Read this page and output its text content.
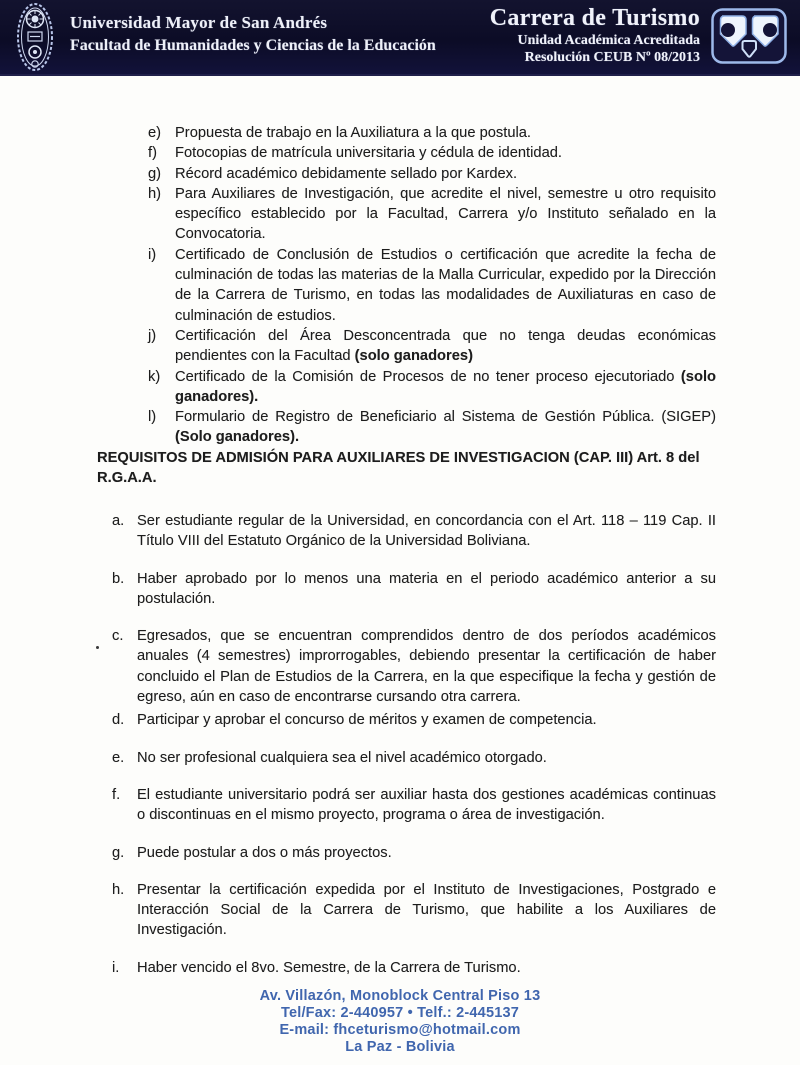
Universidad Mayor de San Andrés
Facultad de Humanidades y Ciencias de la Educación
Carrera de Turismo
Unidad Académica Acreditada
Resolución CEUB Nº 08/2013
e) Propuesta de trabajo en la Auxiliatura a la que postula.
f)	Fotocopias de matrícula universitaria y cédula de identidad.
g) Récord académico debidamente sellado por Kardex.
h) Para Auxiliares de Investigación, que acredite el nivel, semestre u otro requisito específico establecido por la Facultad, Carrera y/o Instituto señalado en la Convocatoria.
i)	Certificado de Conclusión de Estudios o certificación que acredite la fecha de culminación de todas las materias de la Malla Curricular, expedido por la Dirección de la Carrera de Turismo, en todas las modalidades de Auxiliaturas en caso de culminación de estudios.
j)	Certificación del Área Desconcentrada que no tenga deudas económicas pendientes con la Facultad (solo ganadores)
k)	Certificado de la Comisión de Procesos de no tener proceso ejecutoriado (solo ganadores).
l)	Formulario de Registro de Beneficiario al Sistema de Gestión Pública. (SIGEP) (Solo ganadores).
REQUISITOS DE ADMISIÓN PARA AUXILIARES DE INVESTIGACION (CAP. III) Art. 8 del R.G.A.A.
a. Ser estudiante regular de la Universidad, en concordancia con el Art. 118 – 119 Cap. II Título VIII del Estatuto Orgánico de la Universidad Boliviana.
b. Haber aprobado por lo menos una materia en el periodo académico anterior a su postulación.
c. Egresados, que se encuentran comprendidos dentro de dos períodos académicos anuales (4 semestres) improrrogables, debiendo presentar la certificación de haber concluido el Plan de Estudios de la Carrera, en la que especifique la fecha y gestión de egreso, aún en caso de encontrarse cursando otra carrera.
d. Participar y aprobar el concurso de méritos y examen de competencia.
e. No ser profesional cualquiera sea el nivel académico otorgado.
f.	El estudiante universitario podrá ser auxiliar hasta dos gestiones académicas continuas o discontinuas en el mismo proyecto, programa o área de investigación.
g. Puede postular a dos o más proyectos.
h. Presentar la certificación expedida por el Instituto de Investigaciones, Postgrado e Interacción Social de la Carrera de Turismo, que habilite a los Auxiliares de Investigación.
i.	Haber vencido el 8vo. Semestre, de la Carrera de Turismo.
Av. Villazón, Monoblock Central Piso 13
Tel/Fax: 2-440957 • Telf.: 2-445137
E-mail: fhceturismo@hotmail.com
La Paz - Bolivia
